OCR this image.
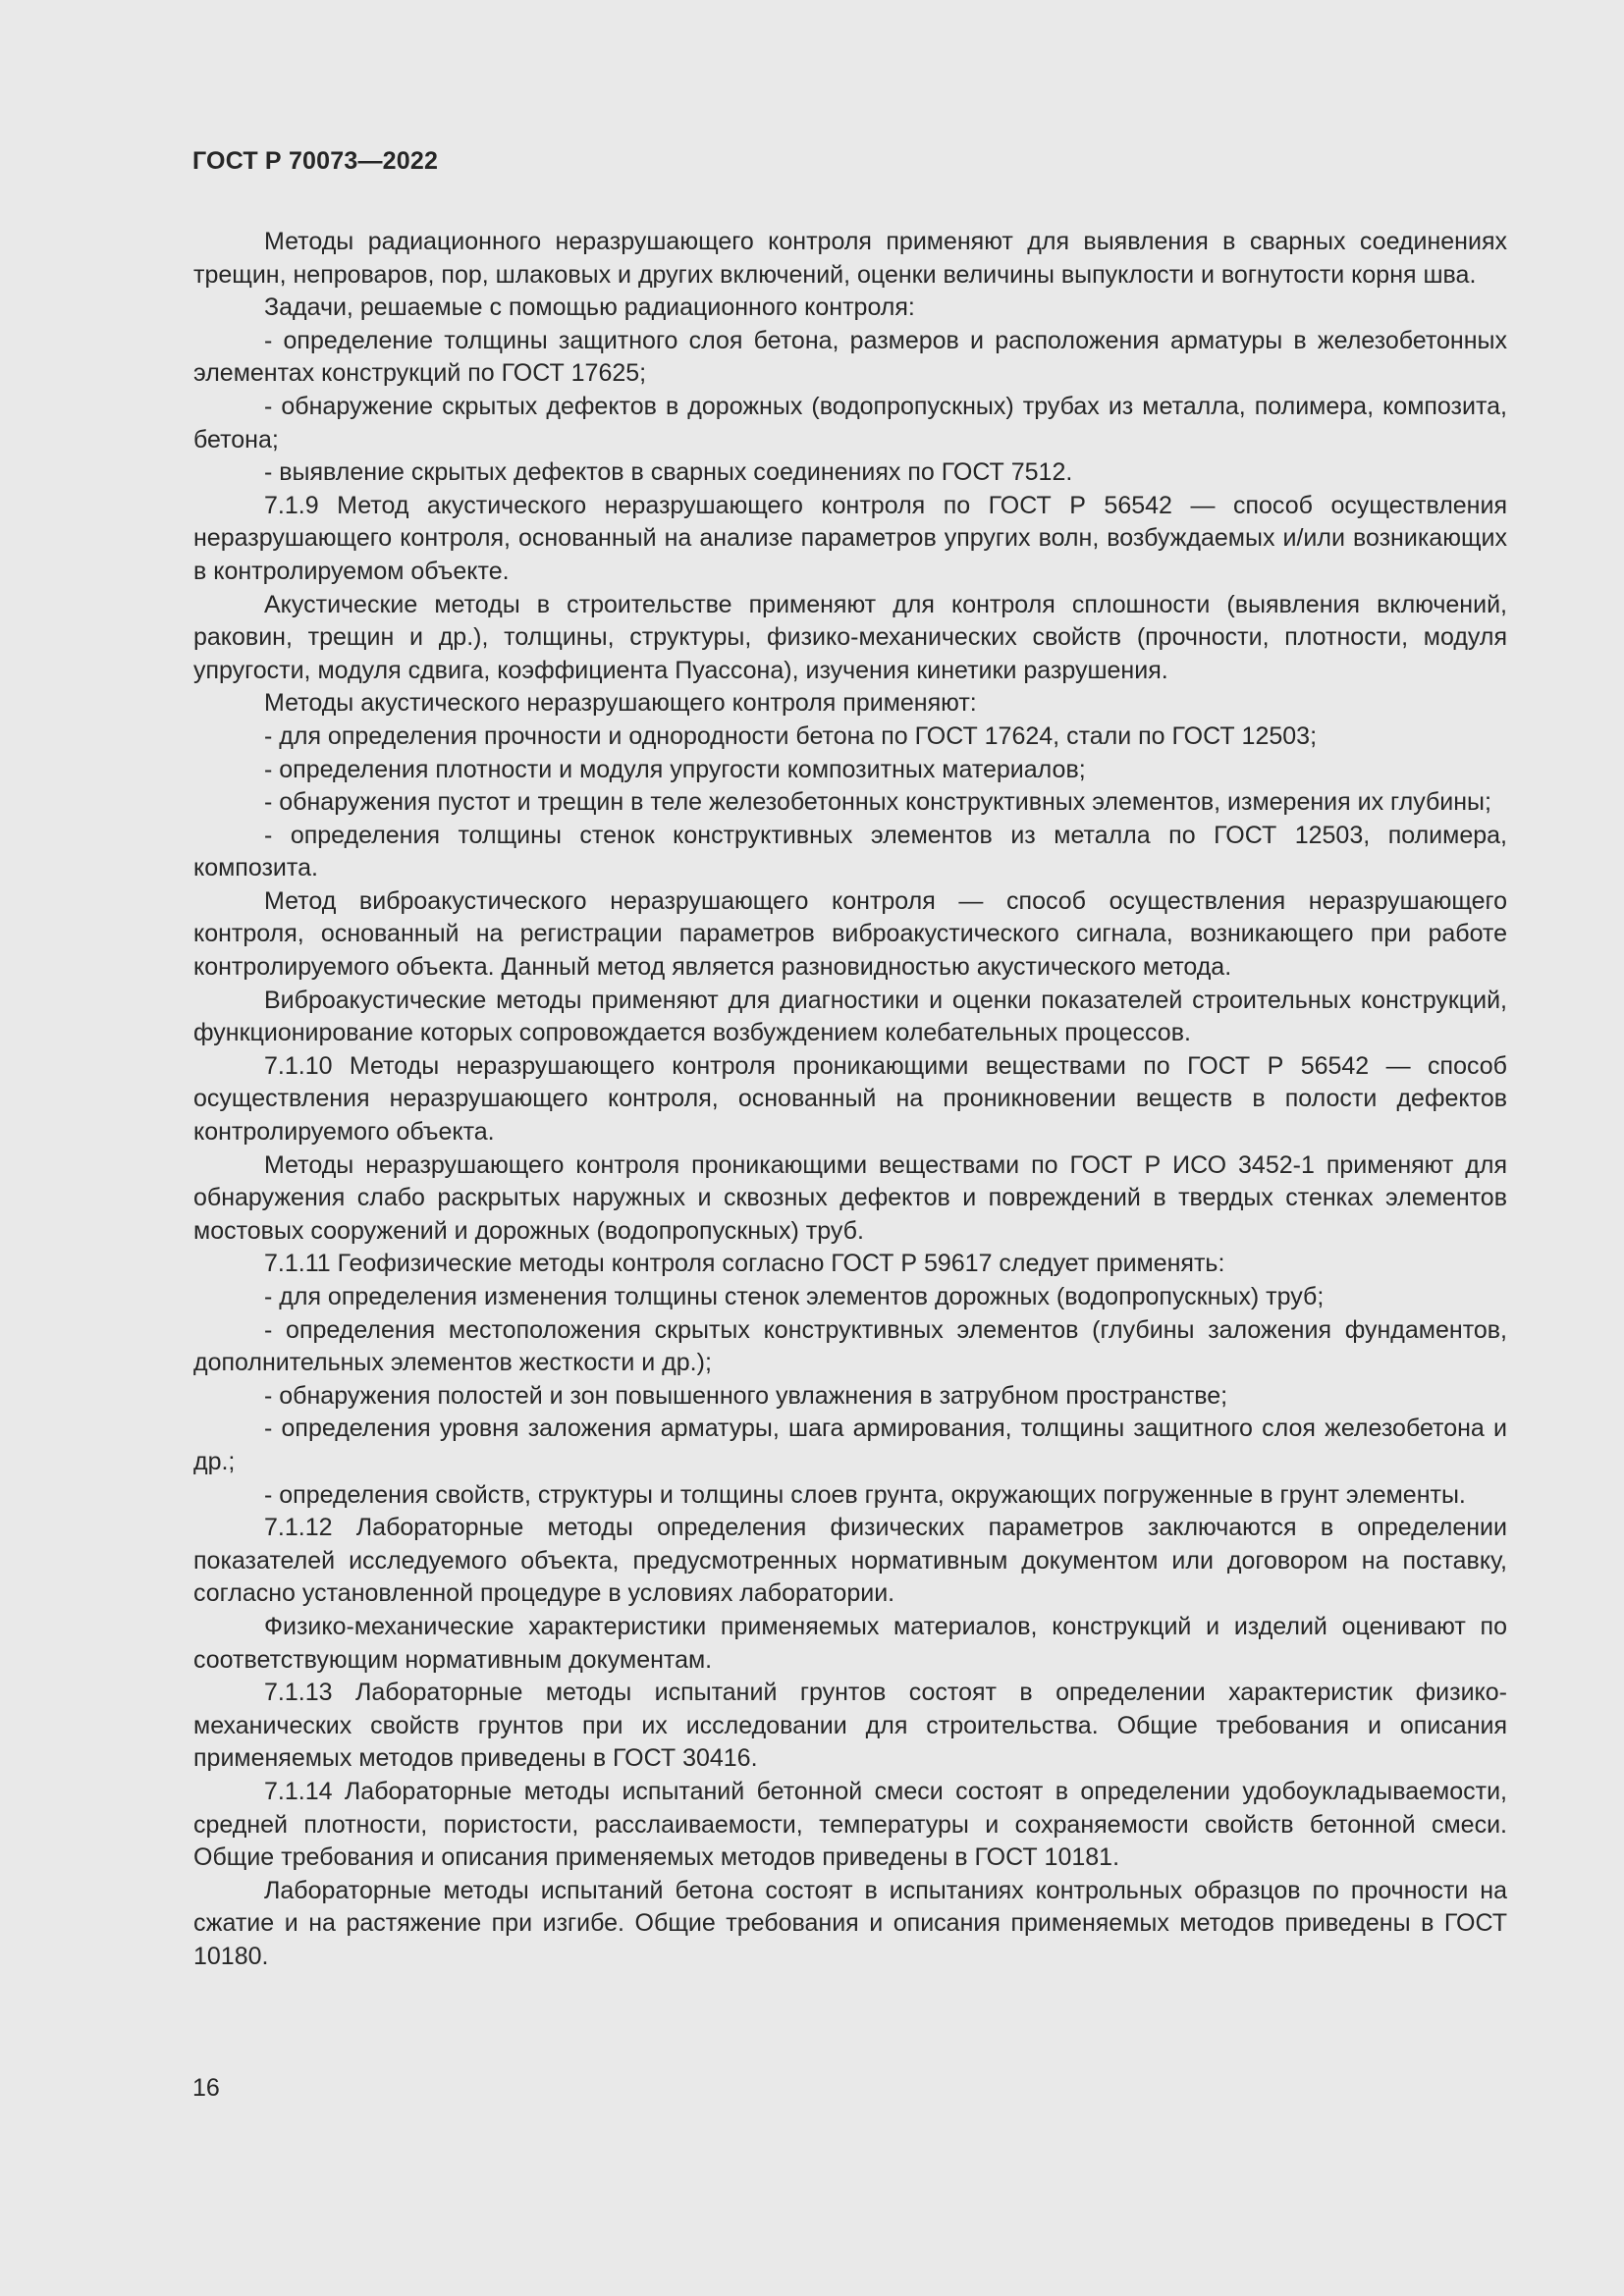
ГОСТ Р 70073—2022

Методы радиационного неразрушающего контроля применяют для выявления в сварных соединениях трещин, непроваров, пор, шлаковых и других включений, оценки величины выпуклости и вогнутости корня шва.

Задачи, решаемые с помощью радиационного контроля:

- определение толщины защитного слоя бетона, размеров и расположения арматуры в железобетонных элементах конструкций по ГОСТ 17625;

- обнаружение скрытых дефектов в дорожных (водопропускных) трубах из металла, полимера, композита, бетона;

- выявление скрытых дефектов в сварных соединениях по ГОСТ 7512.

7.1.9 Метод акустического неразрушающего контроля по ГОСТ Р 56542 — способ осуществления неразрушающего контроля, основанный на анализе параметров упругих волн, возбуждаемых и/или возникающих в контролируемом объекте.

Акустические методы в строительстве применяют для контроля сплошности (выявления включений, раковин, трещин и др.), толщины, структуры, физико-механических свойств (прочности, плотности, модуля упругости, модуля сдвига, коэффициента Пуассона), изучения кинетики разрушения.

Методы акустического неразрушающего контроля применяют:

- для определения прочности и однородности бетона по ГОСТ 17624, стали по ГОСТ 12503;

- определения плотности и модуля упругости композитных материалов;

- обнаружения пустот и трещин в теле железобетонных конструктивных элементов, измерения их глубины;

- определения толщины стенок конструктивных элементов из металла по ГОСТ 12503, полимера, композита.

Метод виброакустического неразрушающего контроля — способ осуществления неразрушающего контроля, основанный на регистрации параметров виброакустического сигнала, возникающего при работе контролируемого объекта. Данный метод является разновидностью акустического метода.

Виброакустические методы применяют для диагностики и оценки показателей строительных конструкций, функционирование которых сопровождается возбуждением колебательных процессов.

7.1.10 Методы неразрушающего контроля проникающими веществами по ГОСТ Р 56542 — способ осуществления неразрушающего контроля, основанный на проникновении веществ в полости дефектов контролируемого объекта.

Методы неразрушающего контроля проникающими веществами по ГОСТ Р ИСО 3452-1 применяют для обнаружения слабо раскрытых наружных и сквозных дефектов и повреждений в твердых стенках элементов мостовых сооружений и дорожных (водопропускных) труб.

7.1.11 Геофизические методы контроля согласно ГОСТ Р 59617 следует применять:

- для определения изменения толщины стенок элементов дорожных (водопропускных) труб;

- определения местоположения скрытых конструктивных элементов (глубины заложения фундаментов, дополнительных элементов жесткости и др.);

- обнаружения полостей и зон повышенного увлажнения в затрубном пространстве;

- определения уровня заложения арматуры, шага армирования, толщины защитного слоя железобетона и др.;

- определения свойств, структуры и толщины слоев грунта, окружающих погруженные в грунт элементы.

7.1.12 Лабораторные методы определения физических параметров заключаются в определении показателей исследуемого объекта, предусмотренных нормативным документом или договором на поставку, согласно установленной процедуре в условиях лаборатории.

Физико-механические характеристики применяемых материалов, конструкций и изделий оценивают по соответствующим нормативным документам.

7.1.13 Лабораторные методы испытаний грунтов состоят в определении характеристик физико-механических свойств грунтов при их исследовании для строительства. Общие требования и описания применяемых методов приведены в ГОСТ 30416.

7.1.14 Лабораторные методы испытаний бетонной смеси состоят в определении удобоукладываемости, средней плотности, пористости, расслаиваемости, температуры и сохраняемости свойств бетонной смеси. Общие требования и описания применяемых методов приведены в ГОСТ 10181.

Лабораторные методы испытаний бетона состоят в испытаниях контрольных образцов по прочности на сжатие и на растяжение при изгибе. Общие требования и описания применяемых методов приведены в ГОСТ 10180.

16
